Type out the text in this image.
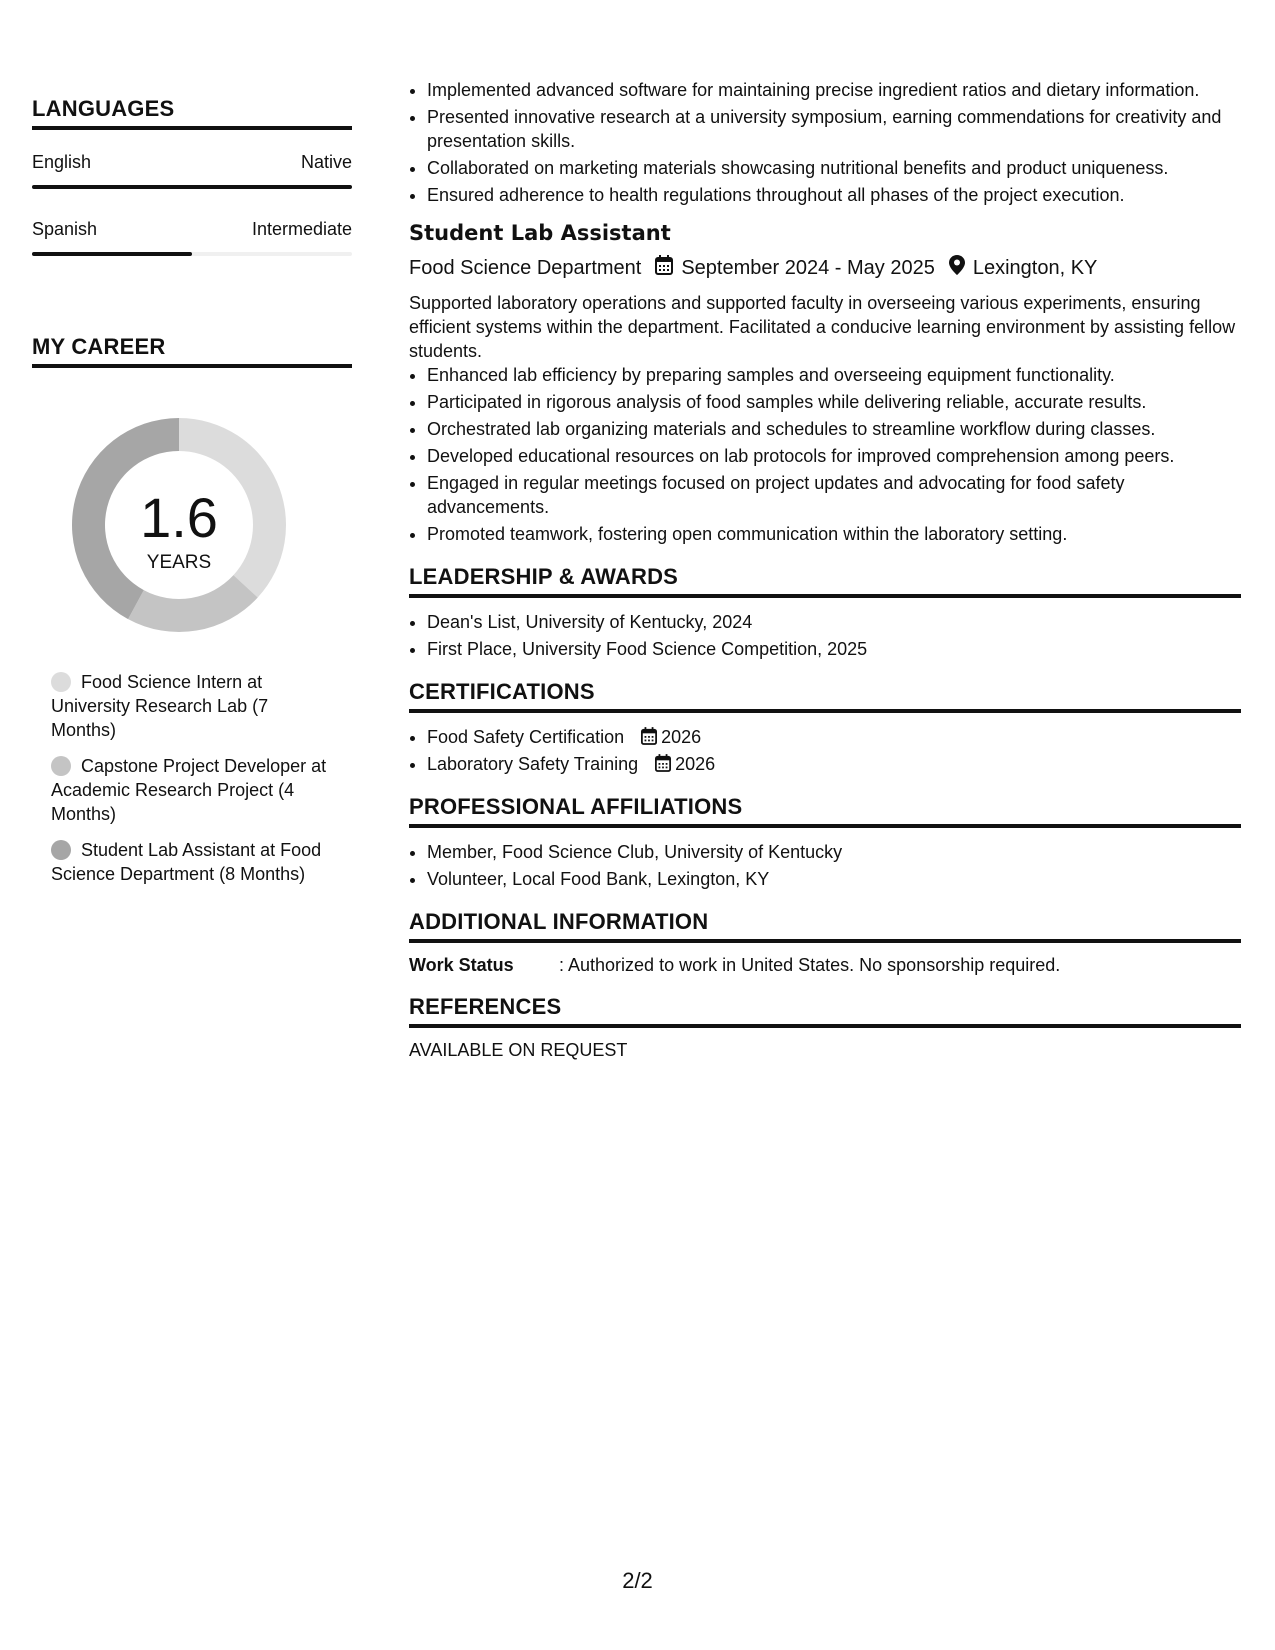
LANGUAGES
English	Native
Spanish	Intermediate
MY CAREER
1.6
YEARS
Food Science Intern at University Research Lab (7 Months)
Capstone Project Developer at Academic Research Project (4 Months)
Student Lab Assistant at Food Science Department (8 Months)
• Implemented advanced software for maintaining precise ingredient ratios and dietary information.
• Presented innovative research at a university symposium, earning commendations for creativity and presentation skills.
• Collaborated on marketing materials showcasing nutritional benefits and product uniqueness.
• Ensured adherence to health regulations throughout all phases of the project execution.
Student Lab Assistant
Food Science Department September 2024 - May 2025 Lexington, KY
Supported laboratory operations and supported faculty in overseeing various experiments, ensuring efficient systems within the department. Facilitated a conducive learning environment by assisting fellow students.
• Enhanced lab efficiency by preparing samples and overseeing equipment functionality.
• Participated in rigorous analysis of food samples while delivering reliable, accurate results.
• Orchestrated lab organizing materials and schedules to streamline workflow during classes.
• Developed educational resources on lab protocols for improved comprehension among peers.
• Engaged in regular meetings focused on project updates and advocating for food safety advancements.
• Promoted teamwork, fostering open communication within the laboratory setting.
LEADERSHIP & AWARDS
• Dean's List, University of Kentucky, 2024
• First Place, University Food Science Competition, 2025
CERTIFICATIONS
• Food Safety Certification 2026
• Laboratory Safety Training 2026
PROFESSIONAL AFFILIATIONS
• Member, Food Science Club, University of Kentucky
• Volunteer, Local Food Bank, Lexington, KY
ADDITIONAL INFORMATION
Work Status	: Authorized to work in United States. No sponsorship required.
REFERENCES
AVAILABLE ON REQUEST
2/2
